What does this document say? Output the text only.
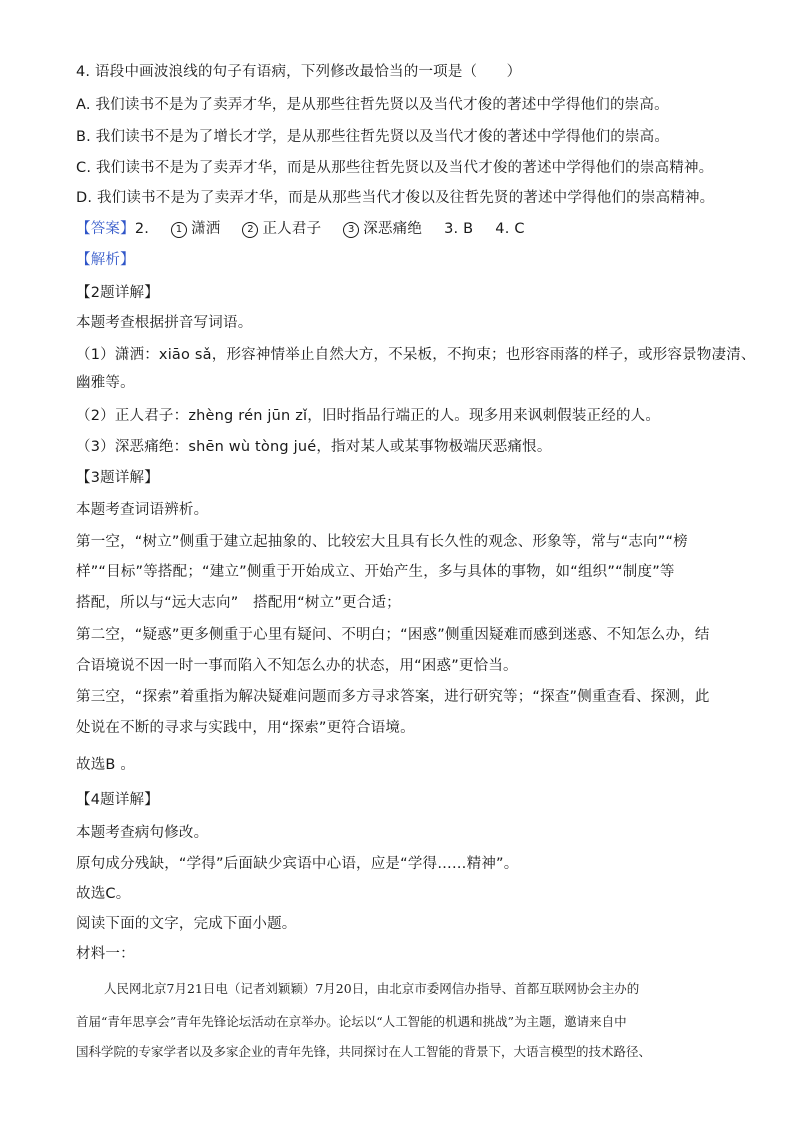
4. 语段中画波浪线的句子有语病，下列修改最恰当的一项是（　　）
A. 我们读书不是为了卖弄才华，是从那些往哲先贤以及当代才俊的著述中学得他们的崇高。
B. 我们读书不是为了增长才学，是从那些往哲先贤以及当代才俊的著述中学得他们的崇高。
C. 我们读书不是为了卖弄才华，而是从那些往哲先贤以及当代才俊的著述中学得他们的崇高精神。
D. 我们读书不是为了卖弄才华，而是从那些当代才俊以及往哲先贤的著述中学得他们的崇高精神。
【答案】2.	1 潇洒	2 正人君子	3 深恶痛绝 3. B 4. C
【解析】
【2题详解】
本题考查根据拼音写词语。
（1）潇洒：xiāo sǎ，形容神情举止自然大方，不呆板，不拘束；也形容雨落的样子，或形容景物凄清、
幽雅等。
（2）正人君子：zhèng rén jūn zǐ，旧时指品行端正的人。现多用来讽刺假装正经的人。
（3）深恶痛绝：shēn wù tòng jué，指对某人或某事物极端厌恶痛恨。
【3题详解】
本题考查词语辨析。
第一空，“树立”侧重于建立起抽象的、比较宏大且具有长久性的观念、形象等，常与“志向”“榜
样”“目标”等搭配；“建立”侧重于开始成立、开始产生，多与具体的事物，如“组织”“制度”等
搭配，所以与“远大志向”　搭配用“树立”更合适；
第二空，“疑惑”更多侧重于心里有疑问、不明白；“困惑”侧重因疑难而感到迷惑、不知怎么办，结
合语境说不因一时一事而陷入不知怎么办的状态，用“困惑”更恰当。
第三空，“探索”着重指为解决疑难问题而多方寻求答案，进行研究等；“探查”侧重查看、探测，此
处说在不断的寻求与实践中，用“探索”更符合语境。
故选B 。
【4题详解】
本题考查病句修改。
原句成分残缺，“学得”后面缺少宾语中心语，应是“学得……精神”。
故选C。
阅读下面的文字，完成下面小题。
材料一：
人民网北京7月21日电（记者刘颖颖）7月20日，由北京市委网信办指导、首都互联网协会主办的
首届“青年思享会”青年先锋论坛活动在京举办。论坛以“人工智能的机遇和挑战”为主题，邀请来自中
国科学院的专家学者以及多家企业的青年先锋，共同探讨在人工智能的背景下，大语言模型的技术路径、
